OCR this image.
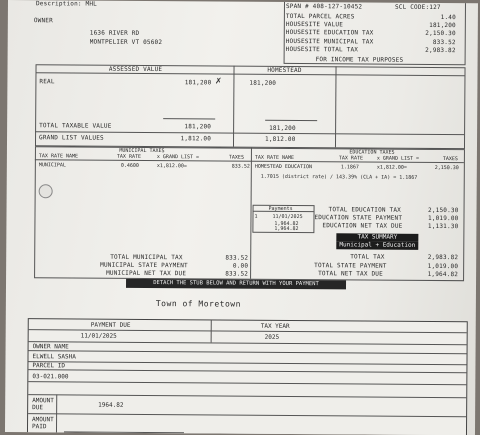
Description: MHL
OWNER
1636 RIVER RD
MONTPELIER VT 05602
SPAN # 408-127-10452	SCL CODE:127
TOTAL PARCEL ACRES	1.40
HOUSESITE VALUE	181,200
HOUSESITE EDUCATION TAX	2,150.30
HOUSESITE MUNICIPAL TAX	833.52
HOUSESITE TOTAL TAX	2,983.82
FOR INCOME TAX PURPOSES
ASSESSED VALUE	HOMESTEAD
REAL	181,200 ✗	181,200
TOTAL TAXABLE VALUE	181,200	181,200
GRAND LIST VALUES	1,812.00	1,812.00
MUNICIPAL TAXES
TAX RATE NAME	TAX RATE	x GRAND LIST =	TAXES
MUNICIPAL	0.4600	x1,812.00=	833.52
TOTAL MUNICIPAL TAX	833.52
MUNICIPAL STATE PAYMENT	0.00
MUNICIPAL NET TAX DUE	833.52
EDUCATION TAXES
TAX RATE NAME	TAX RATE	x GRAND LIST =	TAXES
HOMESTEAD EDUCATION	1.1867	x1,812.00=	2,150.30
1.7015 (district rate) / 143.39% (CLA + IA) = 1.1867
Payments
1	11/01/2025
1,964.82
1,964.82
TOTAL EDUCATION TAX	2,150.30
EDUCATION STATE PAYMENT	1,019.00
EDUCATION NET TAX DUE	1,131.30
TAX SUMMARY
Municipal + Education
TOTAL TAX	2,983.82
TOTAL STATE PAYMENT	1,019.00
TOTAL NET TAX DUE	1,964.82
DETACH THE STUB BELOW AND RETURN WITH YOUR PAYMENT
Town of Moretown
PAYMENT DUE
11/01/2025
TAX YEAR
2025
OWNER NAME
ELWELL SASHA
PARCEL ID
03-021.000
AMOUNT DUE	1964.82
AMOUNT PAID
